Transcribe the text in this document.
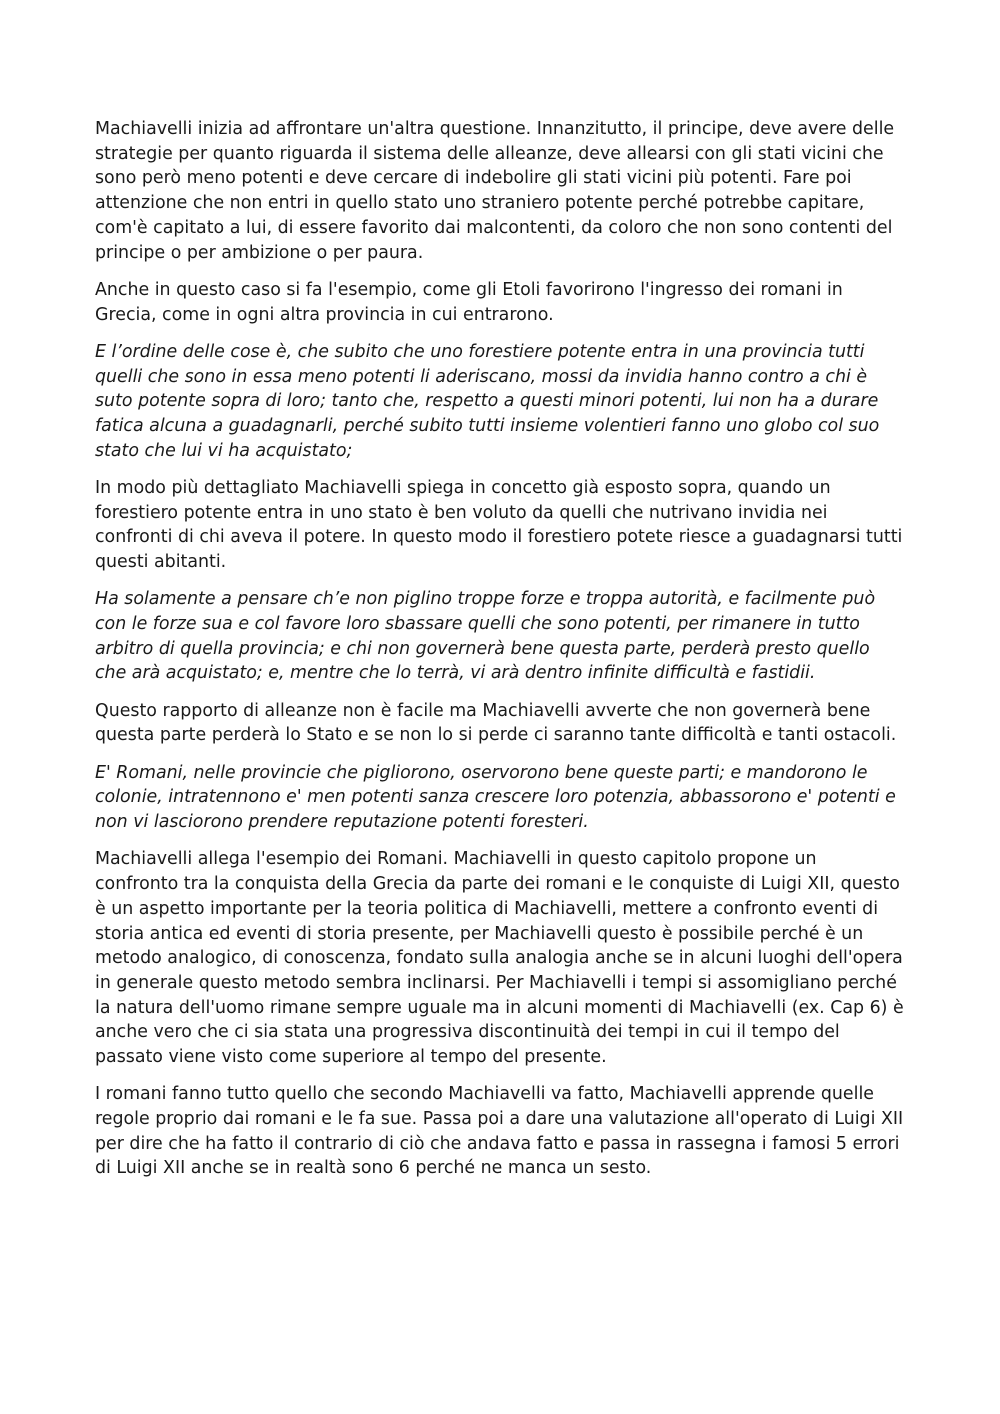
Machiavelli inizia ad affrontare un'altra questione. Innanzitutto, il principe, deve avere delle strategie per quanto riguarda il sistema delle alleanze, deve allearsi con gli stati vicini che sono però meno potenti e deve cercare di indebolire gli stati vicini più potenti. Fare poi attenzione che non entri in quello stato uno straniero potente perché potrebbe capitare, com'è capitato a lui, di essere favorito dai malcontenti, da coloro che non sono contenti del principe o per ambizione o per paura.

Anche in questo caso si fa l'esempio, come gli Etoli favorirono l'ingresso dei romani in Grecia, come in ogni altra provincia in cui entrarono.

E l’ordine delle cose è, che subito che uno forestiere potente entra in una provincia tutti quelli che sono in essa meno potenti li aderiscano, mossi da invidia hanno contro a chi è suto potente sopra di loro; tanto che, respetto a questi minori potenti, lui non ha a durare fatica alcuna a guadagnarli, perché subito tutti insieme volentieri fanno uno globo col suo stato che lui vi ha acquistato;

In modo più dettagliato Machiavelli spiega in concetto già esposto sopra, quando un forestiero potente entra in uno stato è ben voluto da quelli che nutrivano invidia nei confronti di chi aveva il potere. In questo modo il forestiero potete riesce a guadagnarsi tutti questi abitanti.

Ha solamente a pensare ch’e non piglino troppe forze e troppa autorità, e facilmente può con le forze sua e col favore loro sbassare quelli che sono potenti, per rimanere in tutto arbitro di quella provincia; e chi non governerà bene questa parte, perderà presto quello che arà acquistato; e, mentre che lo terrà, vi arà dentro infinite difficultà e fastidii.

Questo rapporto di alleanze non è facile ma Machiavelli avverte che non governerà bene questa parte perderà lo Stato e se non lo si perde ci saranno tante difficoltà e tanti ostacoli.

E' Romani, nelle provincie che pigliorono, oservorono bene queste parti; e mandorono le colonie, intratennono e' men potenti sanza crescere loro potenzia, abbassorono e' potenti e non vi lasciorono prendere reputazione potenti foresteri.

Machiavelli allega l'esempio dei Romani. Machiavelli in questo capitolo propone un confronto tra la conquista della Grecia da parte dei romani e le conquiste di Luigi XII, questo è un aspetto importante per la teoria politica di Machiavelli, mettere a confronto eventi di storia antica ed eventi di storia presente, per Machiavelli questo è possibile perché è un metodo analogico, di conoscenza, fondato sulla analogia anche se in alcuni luoghi dell'opera in generale questo metodo sembra inclinarsi. Per Machiavelli i tempi si assomigliano perché la natura dell'uomo rimane sempre uguale ma in alcuni momenti di Machiavelli (ex. Cap 6) è anche vero che ci sia stata una progressiva discontinuità dei tempi in cui il tempo del passato viene visto come superiore al tempo del presente.

I romani fanno tutto quello che secondo Machiavelli va fatto, Machiavelli apprende quelle regole proprio dai romani e le fa sue. Passa poi a dare una valutazione all'operato di Luigi XII per dire che ha fatto il contrario di ciò che andava fatto e passa in rassegna i famosi 5 errori di Luigi XII anche se in realtà sono 6 perché ne manca un sesto.
